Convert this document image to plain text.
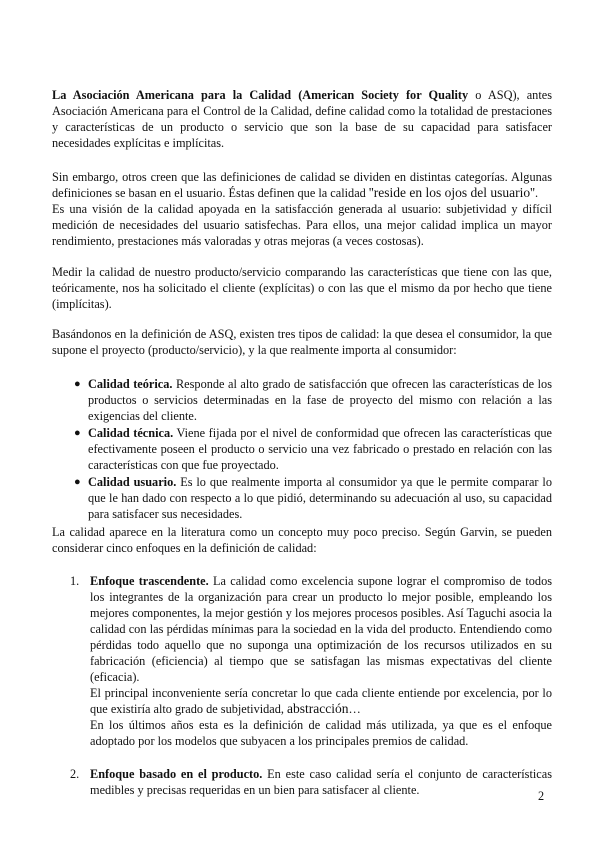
La Asociación Americana para la Calidad (American Society for Quality o ASQ), antes Asociación Americana para el Control de la Calidad, define calidad como la totalidad de prestaciones y características de un producto o servicio que son la base de su capacidad para satisfacer necesidades explícitas e implícitas.

Sin embargo, otros creen que las definiciones de calidad se dividen en distintas categorías. Algunas definiciones se basan en el usuario. Éstas definen que la calidad ''reside en los ojos del usuario''.
Es una visión de la calidad apoyada en la satisfacción generada al usuario: subjetividad y difícil medición de necesidades del usuario satisfechas. Para ellos, una mejor calidad implica un mayor rendimiento, prestaciones más valoradas y otras mejoras (a veces costosas).

Medir la calidad de nuestro producto/servicio comparando las características que tiene con las que, teóricamente, nos ha solicitado el cliente (explícitas) o con las que el mismo da por hecho que tiene (implícitas).

Basándonos en la definición de ASQ, existen tres tipos de calidad: la que desea el consumidor, la que supone el proyecto (producto/servicio), y la que realmente importa al consumidor:

● Calidad teórica. Responde al alto grado de satisfacción que ofrecen las características de los productos o servicios determinadas en la fase de proyecto del mismo con relación a las exigencias del cliente.
● Calidad técnica. Viene fijada por el nivel de conformidad que ofrecen las características que efectivamente poseen el producto o servicio una vez fabricado o prestado en relación con las características con que fue proyectado.
● Calidad usuario. Es lo que realmente importa al consumidor ya que le permite comparar lo que le han dado con respecto a lo que pidió, determinando su adecuación al uso, su capacidad para satisfacer sus necesidades.

La calidad aparece en la literatura como un concepto muy poco preciso. Según Garvin, se pueden considerar cinco enfoques en la definición de calidad:

1. Enfoque trascendente. La calidad como excelencia supone lograr el compromiso de todos los integrantes de la organización para crear un producto lo mejor posible, empleando los mejores componentes, la mejor gestión y los mejores procesos posibles. Así Taguchi asocia la calidad con las pérdidas mínimas para la sociedad en la vida del producto. Entendiendo como pérdidas todo aquello que no suponga una optimización de los recursos utilizados en su fabricación (eficiencia) al tiempo que se satisfagan las mismas expectativas del cliente (eficacia).

El principal inconveniente sería concretar lo que cada cliente entiende por excelencia, por lo que existiría alto grado de subjetividad, abstracción…

En los últimos años esta es la definición de calidad más utilizada, ya que es el enfoque adoptado por los modelos que subyacen a los principales premios de calidad.

2. Enfoque basado en el producto. En este caso calidad sería el conjunto de características medibles y precisas requeridas en un bien para satisfacer al cliente.	2
